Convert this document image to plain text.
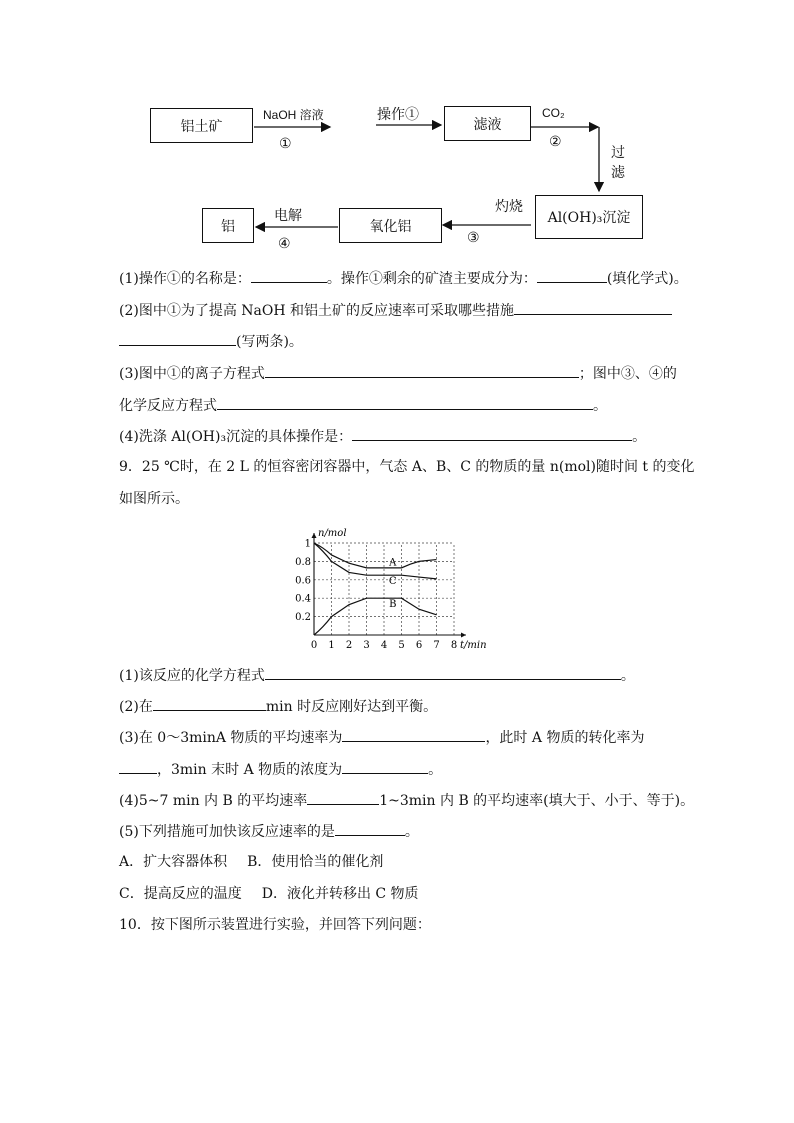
铝土矿	滤液
Al(OH)₃沉淀
氧化铝
铝
NaOH 溶液
①
操作①	CO₂
②
过
滤
灼烧
③
电解
④
(1)操作①的名称是：	。操作①剩余的矿渣主要成分为：	(填化学式)。
(2)图中①为了提高 NaOH 和铝土矿的反应速率可采取哪些措施
(写两条)。
(3)图中①的离子方程式	；图中③、④的
化学反应方程式	。
(4)洗涤 Al(OH)₃沉淀的具体操作是：	。
9．25 ℃时，在 2 L 的恒容密闭容器中，气态 A、B、C 的物质的量 n(mol)随时间 t 的变化
如图所示。
0 1 2 3 4 5 6 7 8
0.2
0.4
0.6
0.8
1
n/mol
t/min
A
C
B
(1)该反应的化学方程式	。
(2)在	min 时反应刚好达到平衡。
(3)在 0～3minA 物质的平均速率为	，此时 A 物质的转化率为
，3min 末时 A 物质的浓度为	。
(4)5~7 min 内 B 的平均速率	1~3min 内 B 的平均速率(填大于、小于、等于)。
(5)下列措施可加快该反应速率的是	。
A．扩大容器体积 B．使用恰当的催化剂
C．提高反应的温度 D．液化并转移出 C 物质
10．按下图所示装置进行实验，并回答下列问题：
